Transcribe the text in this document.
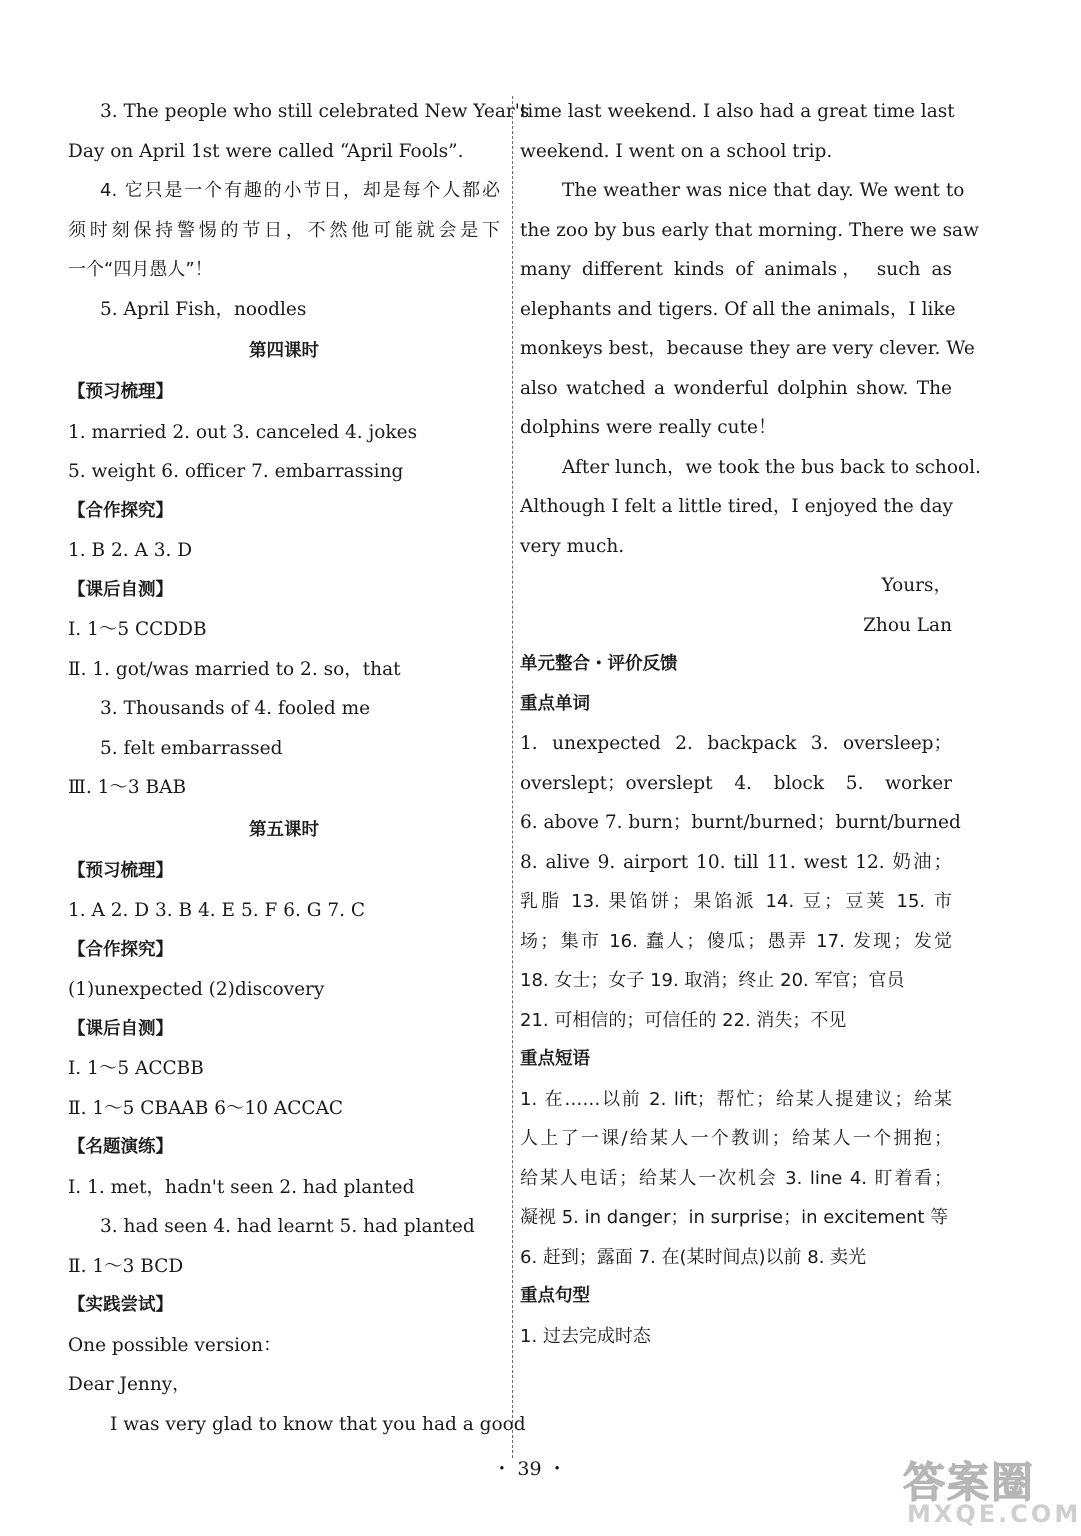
3. The people who still celebrated New Year's
Day on April 1st were called “April Fools”.
4. 它只是一个有趣的小节日，却是每个人都必
须时刻保持警惕的节日，不然他可能就会是下
一个“四月愚人”！
5. April Fish，noodles
第四课时
【预习梳理】
1. married 2. out 3. canceled 4. jokes
5. weight 6. officer 7. embarrassing
【合作探究】
1. B 2. A 3. D
【课后自测】
Ⅰ. 1～5 CCDDB
Ⅱ. 1. got/was married to 2. so，that
3. Thousands of 4. fooled me
5. felt embarrassed
Ⅲ. 1～3 BAB
第五课时
【预习梳理】
1. A 2. D 3. B 4. E 5. F 6. G 7. C
【合作探究】
(1)unexpected (2)discovery
【课后自测】
Ⅰ. 1～5 ACCBB
Ⅱ. 1～5 CBAAB 6～10 ACCAC
【名题演练】
Ⅰ. 1. met，hadn't seen 2. had planted
3. had seen 4. had learnt 5. had planted
Ⅱ. 1～3 BCD
【实践尝试】
One possible version：
Dear Jenny，
I was very glad to know that you had a good
time last weekend. I also had a great time last
weekend. I went on a school trip.
The weather was nice that day. We went to
the zoo by bus early that morning. There we saw
many different kinds of animals， such as
elephants and tigers. Of all the animals，I like
monkeys best，because they are very clever. We
also watched a wonderful dolphin show. The
dolphins were really cute！
After lunch，we took the bus back to school.
Although I felt a little tired，I enjoyed the day
very much.
Yours，
Zhou Lan
单元整合・评价反馈
重点单词
1. unexpected 2. backpack 3. oversleep；
overslept；overslept 4. block 5. worker
6. above 7. burn；burnt/burned；burnt/burned
8. alive 9. airport 10. till 11. west 12. 奶油；
乳脂 13. 果馅饼；果馅派 14. 豆；豆荚 15. 市
场；集市 16. 蠢人；傻瓜；愚弄 17. 发现；发觉
18. 女士；女子 19. 取消；终止 20. 军官；官员
21. 可相信的；可信任的 22. 消失；不见
重点短语
1. 在……以前 2. lift；帮忙；给某人提建议；给某
人上了一课/给某人一个教训；给某人一个拥抱；
给某人电话；给某人一次机会 3. line 4. 盯着看；
凝视 5. in danger；in surprise；in excitement 等
6. 赶到；露面 7. 在(某时间点)以前 8. 卖光
重点句型
1. 过去完成时态
・ 39 ・	答案圈
MXQE.COM
